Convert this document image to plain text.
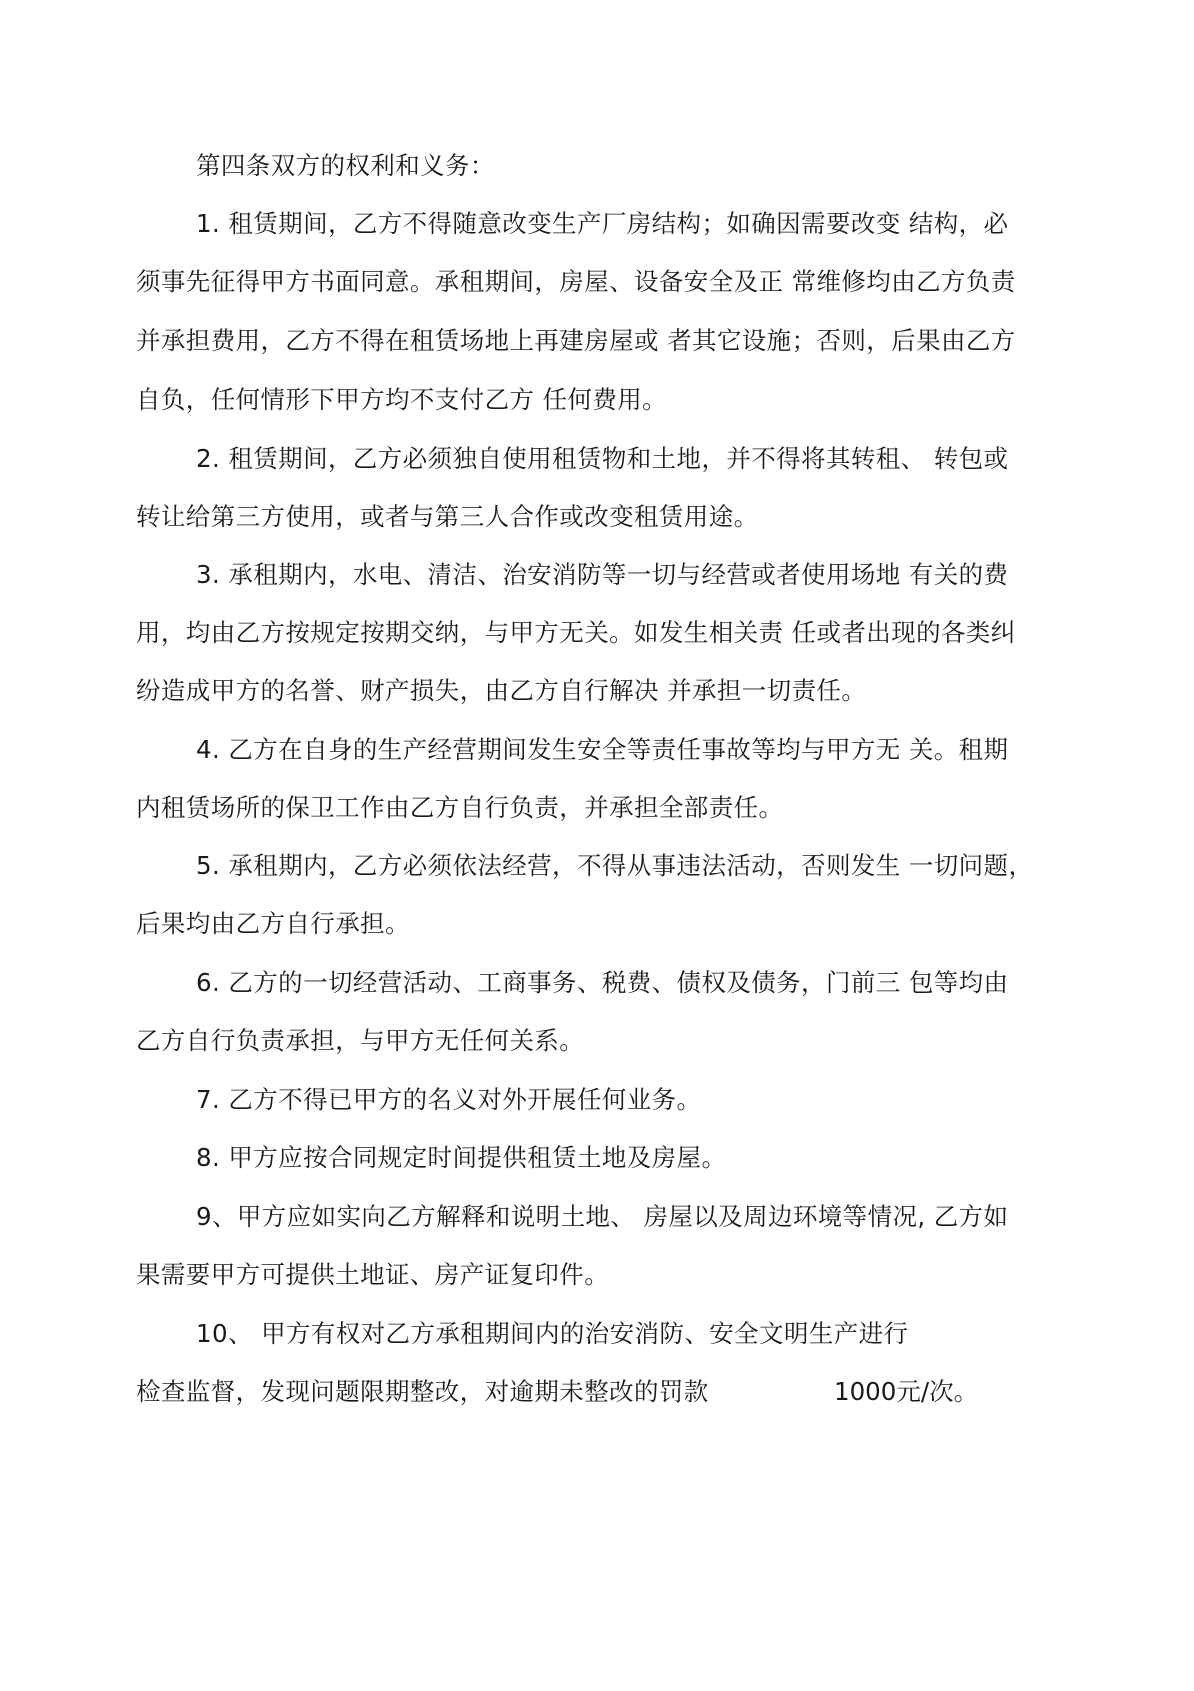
第四条双方的权利和义务：
1. 租赁期间，乙方不得随意改变生产厂房结构；如确因需要改变 结构，必
须事先征得甲方书面同意。承租期间，房屋、设备安全及正 常维修均由乙方负责
并承担费用，乙方不得在租赁场地上再建房屋或 者其它设施；否则，后果由乙方
自负，任何情形下甲方均不支付乙方 任何费用。
2. 租赁期间，乙方必须独自使用租赁物和土地，并不得将其转租、 转包或
转让给第三方使用，或者与第三人合作或改变租赁用途。
3. 承租期内，水电、清洁、治安消防等一切与经营或者使用场地 有关的费
用，均由乙方按规定按期交纳，与甲方无关。如发生相关责 任或者出现的各类纠
纷造成甲方的名誉、财产损失，由乙方自行解决 并承担一切责任。
4. 乙方在自身的生产经营期间发生安全等责任事故等均与甲方无 关。租期
内租赁场所的保卫工作由乙方自行负责，并承担全部责任。
5. 承租期内，乙方必须依法经营，不得从事违法活动，否则发生 一切问题，
后果均由乙方自行承担。
6. 乙方的一切经营活动、工商事务、税费、债权及债务，门前三 包等均由
乙方自行负责承担，与甲方无任何关系。
7. 乙方不得已甲方的名义对外开展任何业务。
8. 甲方应按合同规定时间提供租赁土地及房屋。
9、甲方应如实向乙方解释和说明土地、 房屋以及周边环境等情况, 乙方如
果需要甲方可提供土地证、房产证复印件。
10、 甲方有权对乙方承租期间内的治安消防、安全文明生产进行
检查监督，发现问题限期整改，对逾期未整改的罚款	1000元/次。
